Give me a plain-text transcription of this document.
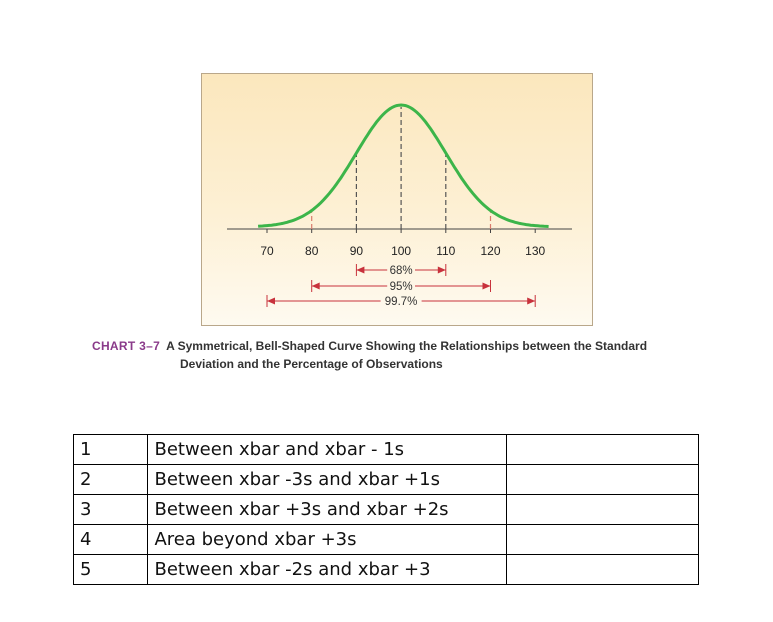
70	80	90 100 110 120 130
68%
95%
99.7%
CHART 3–7 A Symmetrical, Bell-Shaped Curve Showing the Relationships between the Standard
Deviation and the Percentage of Observations
1	Between xbar and xbar - 1s	
2	Between xbar -3s and xbar +1s	
3	Between xbar +3s and xbar +2s	
4	Area beyond xbar +3s	
5	Between xbar -2s and xbar +3	
